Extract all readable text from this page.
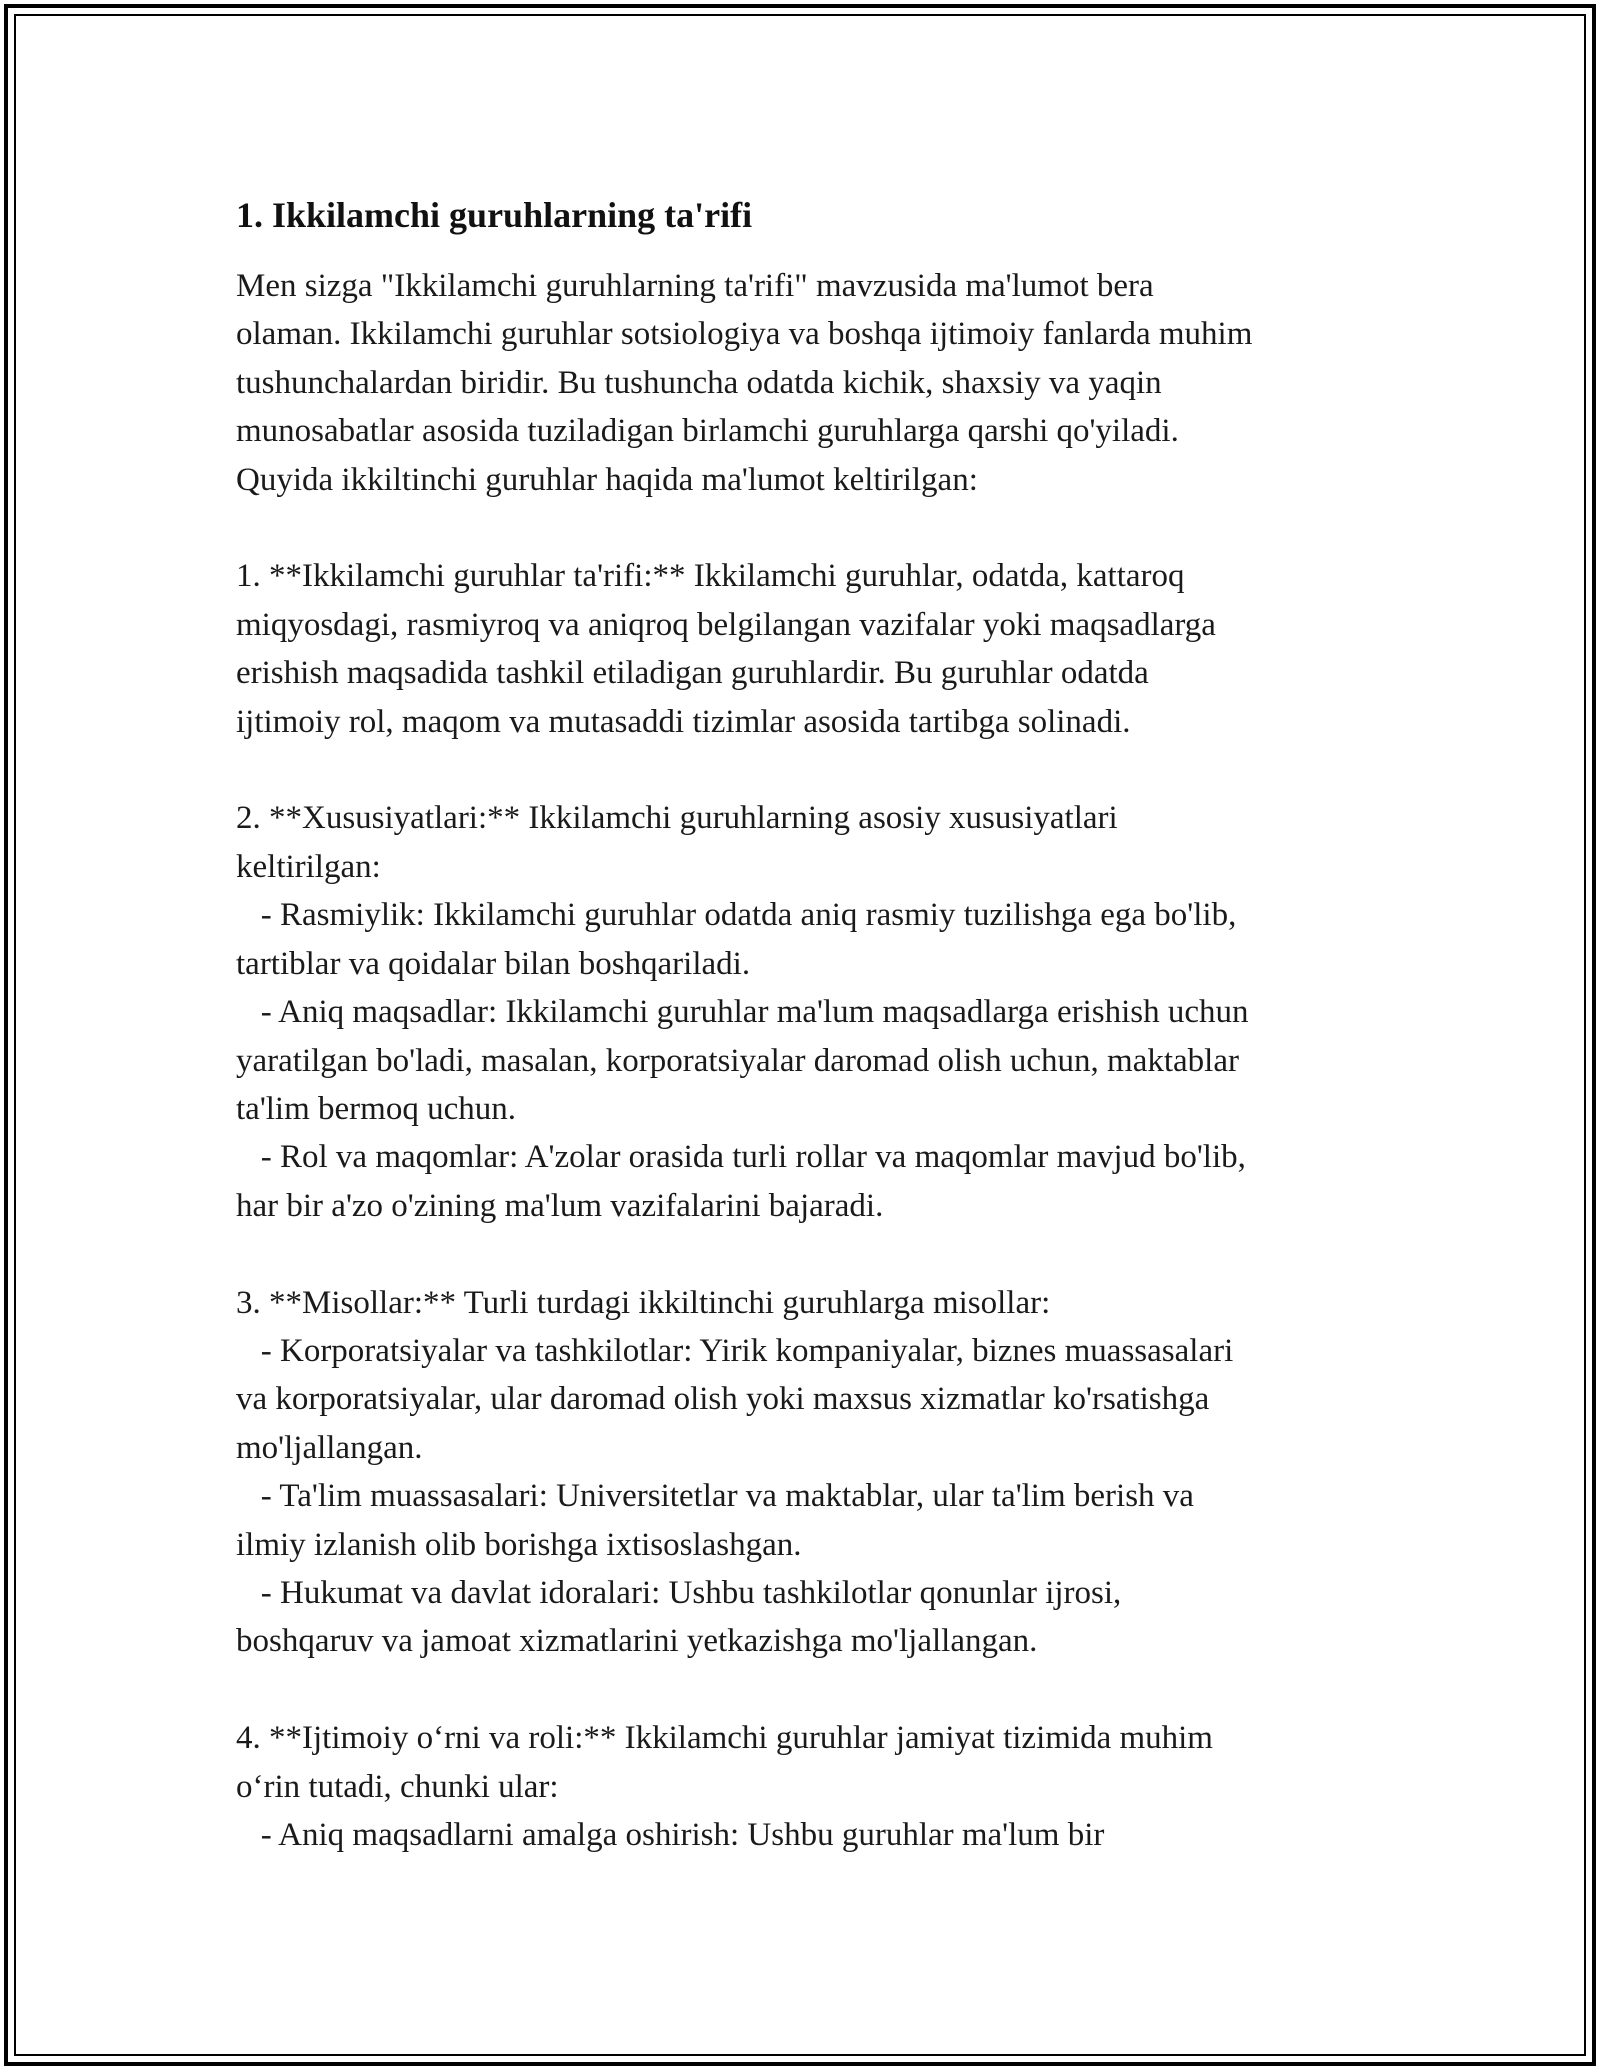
1. Ikkilamchi guruhlarning ta'rifi
Men sizga "Ikkilamchi guruhlarning ta'rifi" mavzusida ma'lumot bera
olaman. Ikkilamchi guruhlar sotsiologiya va boshqa ijtimoiy fanlarda muhim
tushunchalardan biridir. Bu tushuncha odatda kichik, shaxsiy va yaqin
munosabatlar asosida tuziladigan birlamchi guruhlarga qarshi qo'yiladi.
Quyida ikkiltinchi guruhlar haqida ma'lumot keltirilgan:

1. **Ikkilamchi guruhlar ta'rifi:** Ikkilamchi guruhlar, odatda, kattaroq
miqyosdagi, rasmiyroq va aniqroq belgilangan vazifalar yoki maqsadlarga
erishish maqsadida tashkil etiladigan guruhlardir. Bu guruhlar odatda
ijtimoiy rol, maqom va mutasaddi tizimlar asosida tartibga solinadi.

2. **Xususiyatlari:** Ikkilamchi guruhlarning asosiy xususiyatlari
keltirilgan:
- Rasmiylik: Ikkilamchi guruhlar odatda aniq rasmiy tuzilishga ega bo'lib,
tartiblar va qoidalar bilan boshqariladi.
- Aniq maqsadlar: Ikkilamchi guruhlar ma'lum maqsadlarga erishish uchun
yaratilgan bo'ladi, masalan, korporatsiyalar daromad olish uchun, maktablar
ta'lim bermoq uchun.
- Rol va maqomlar: A'zolar orasida turli rollar va maqomlar mavjud bo'lib,
har bir a'zo o'zining ma'lum vazifalarini bajaradi.

3. **Misollar:** Turli turdagi ikkiltinchi guruhlarga misollar:
- Korporatsiyalar va tashkilotlar: Yirik kompaniyalar, biznes muassasalari
va korporatsiyalar, ular daromad olish yoki maxsus xizmatlar ko'rsatishga
mo'ljallangan.
- Ta'lim muassasalari: Universitetlar va maktablar, ular ta'lim berish va
ilmiy izlanish olib borishga ixtisoslashgan.
- Hukumat va davlat idoralari: Ushbu tashkilotlar qonunlar ijrosi,
boshqaruv va jamoat xizmatlarini yetkazishga mo'ljallangan.

4. **Ijtimoiy o‘rni va roli:** Ikkilamchi guruhlar jamiyat tizimida muhim
o‘rin tutadi, chunki ular:
- Aniq maqsadlarni amalga oshirish: Ushbu guruhlar ma'lum bir
